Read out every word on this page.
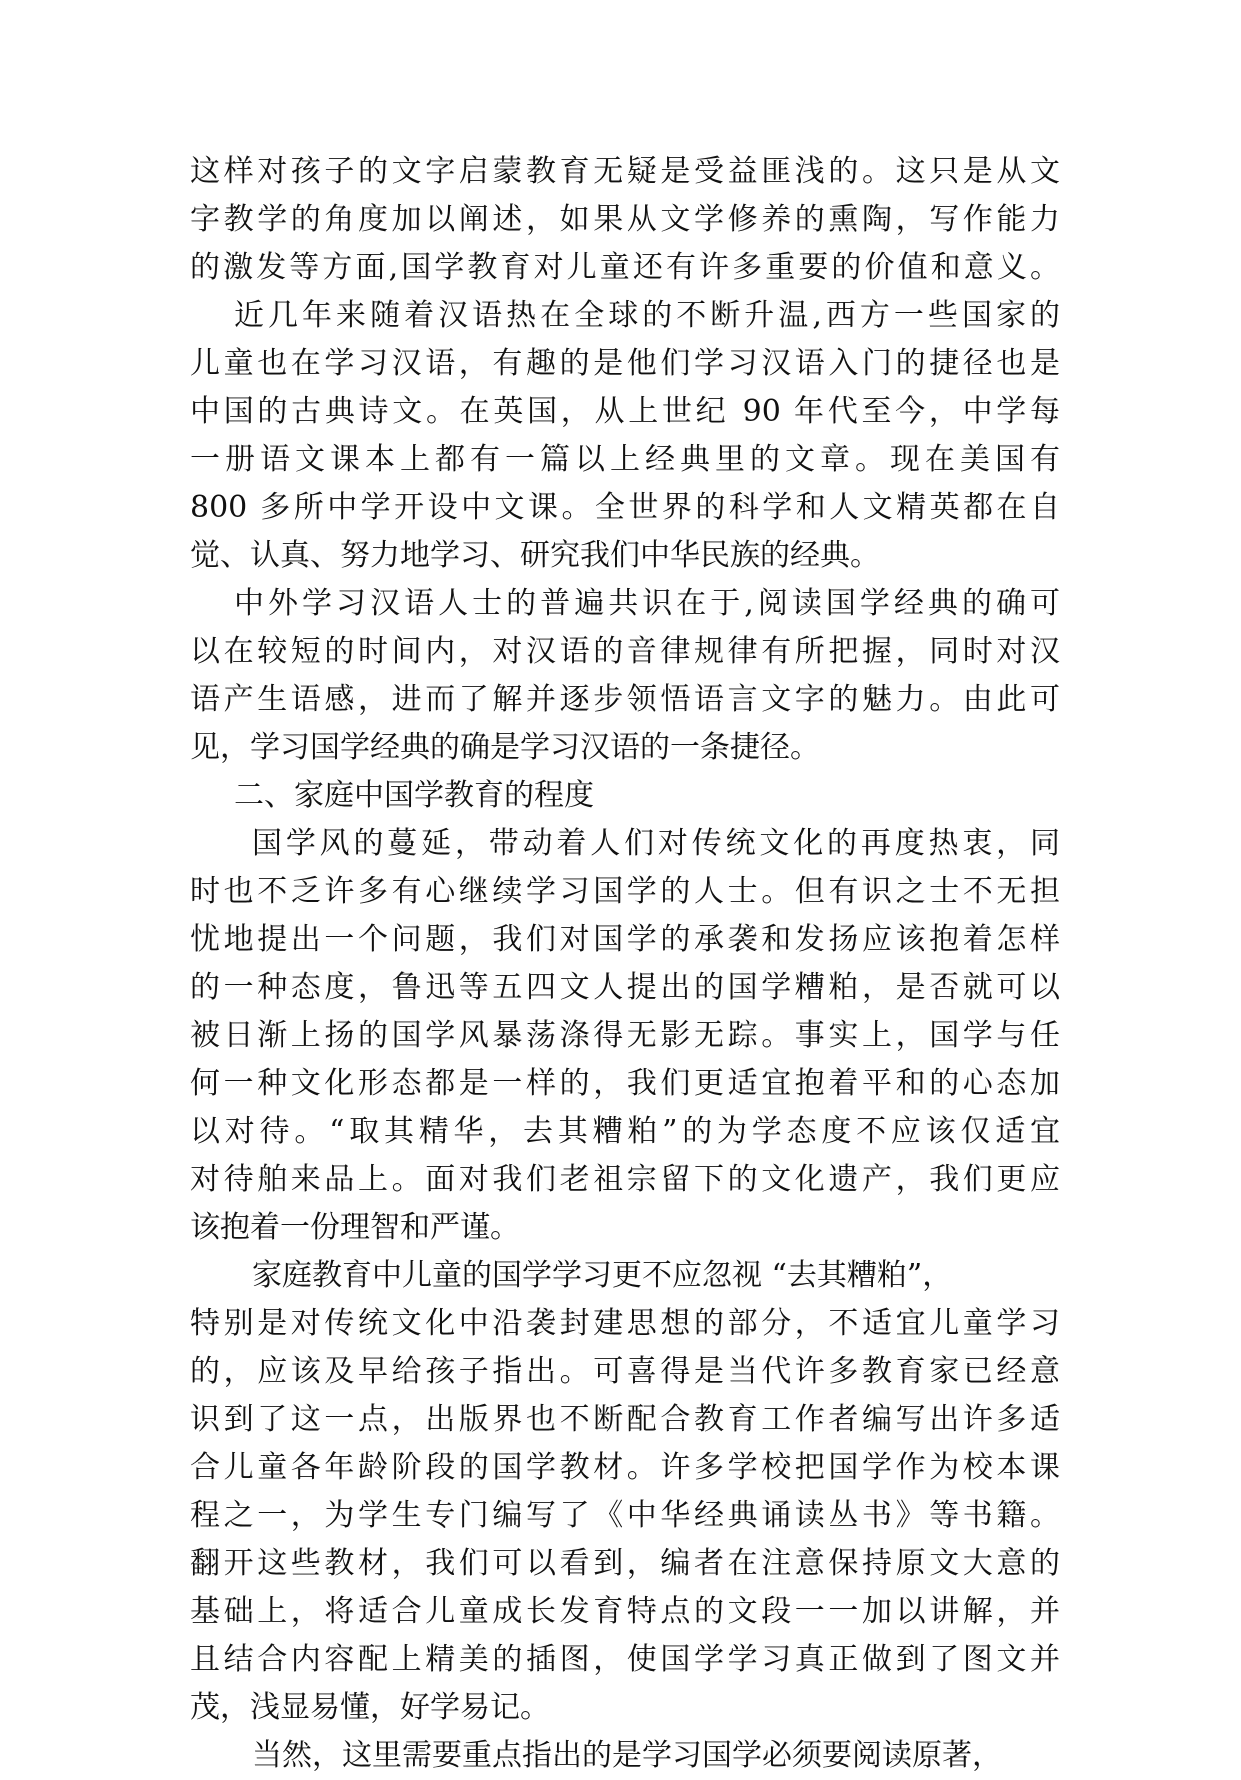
这样对孩子的文字启蒙教育无疑是受益匪浅的。这只是从文
字教学的角度加以阐述，如果从文学修养的熏陶，写作能力
的激发等方面,国学教育对儿童还有许多重要的价值和意义。
近几年来随着汉语热在全球的不断升温,西方一些国家的
儿童也在学习汉语，有趣的是他们学习汉语入门的捷径也是
中国的古典诗文。在英国，从上世纪 90 年代至今，中学每
一册语文课本上都有一篇以上经典里的文章。现在美国有
800 多所中学开设中文课。全世界的科学和人文精英都在自
觉、认真、努力地学习、研究我们中华民族的经典。
中外学习汉语人士的普遍共识在于,阅读国学经典的确可
以在较短的时间内，对汉语的音律规律有所把握，同时对汉
语产生语感，进而了解并逐步领悟语言文字的魅力。由此可
见，学习国学经典的确是学习汉语的一条捷径。
二、家庭中国学教育的程度
国学风的蔓延，带动着人们对传统文化的再度热衷，同
时也不乏许多有心继续学习国学的人士。但有识之士不无担
忧地提出一个问题，我们对国学的承袭和发扬应该抱着怎样
的一种态度，鲁迅等五四文人提出的国学糟粕，是否就可以
被日渐上扬的国学风暴荡涤得无影无踪。事实上，国学与任
何一种文化形态都是一样的，我们更适宜抱着平和的心态加
以对待。“取其精华，去其糟粕”的为学态度不应该仅适宜
对待舶来品上。面对我们老祖宗留下的文化遗产，我们更应
该抱着一份理智和严谨。
家庭教育中儿童的国学学习更不应忽视 “去其糟粕”，
特别是对传统文化中沿袭封建思想的部分，不适宜儿童学习
的，应该及早给孩子指出。可喜得是当代许多教育家已经意
识到了这一点，出版界也不断配合教育工作者编写出许多适
合儿童各年龄阶段的国学教材。许多学校把国学作为校本课
程之一，为学生专门编写了《中华经典诵读丛书》等书籍。
翻开这些教材，我们可以看到，编者在注意保持原文大意的
基础上，将适合儿童成长发育特点的文段一一加以讲解，并
且结合内容配上精美的插图，使国学学习真正做到了图文并
茂，浅显易懂，好学易记。
当然，这里需要重点指出的是学习国学必须要阅读原著，
